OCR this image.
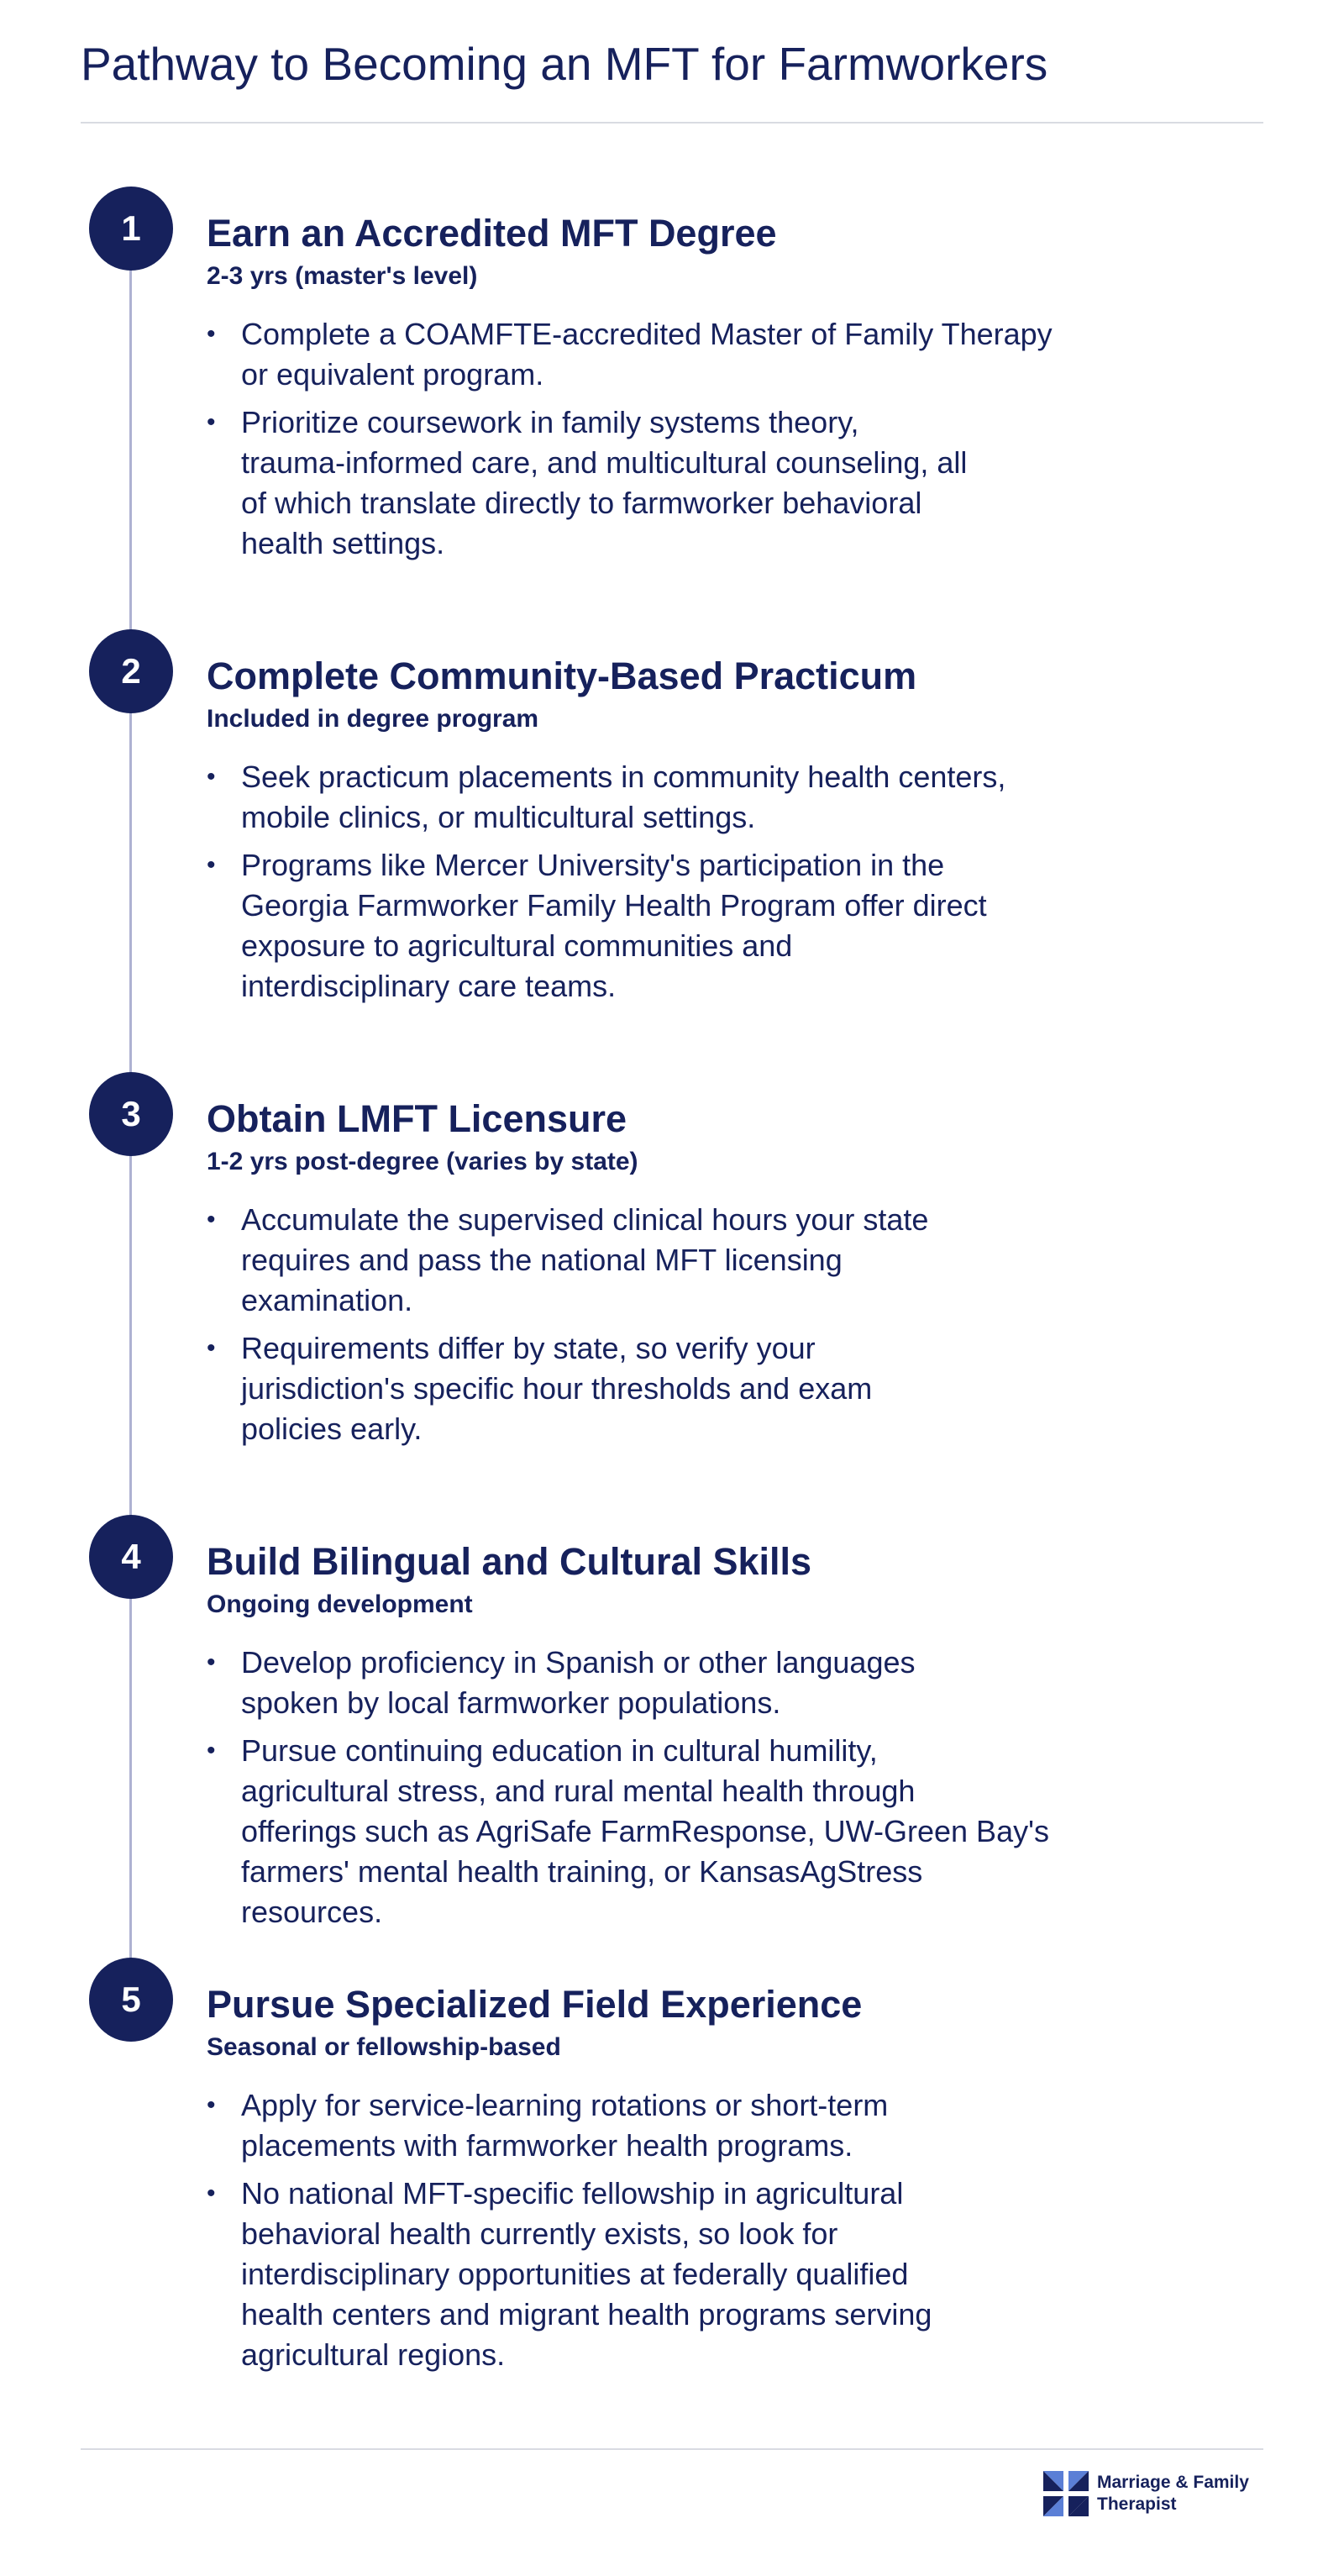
Pathway to Becoming an MFT for Farmworkers
1	Earn an Accredited MFT Degree

2-3 yrs (master's level)

• Complete a COAMFTE-accredited Master of Family Therapy
or equivalent program.
• Prioritize coursework in family systems theory,
trauma-informed care, and multicultural counseling, all
of which translate directly to farmworker behavioral
health settings.
2	Complete Community-Based Practicum

Included in degree program

• Seek practicum placements in community health centers,
mobile clinics, or multicultural settings.
• Programs like Mercer University's participation in the
Georgia Farmworker Family Health Program offer direct
exposure to agricultural communities and
interdisciplinary care teams.
3	Obtain LMFT Licensure

1-2 yrs post-degree (varies by state)

• Accumulate the supervised clinical hours your state
requires and pass the national MFT licensing
examination.
• Requirements differ by state, so verify your
jurisdiction's specific hour thresholds and exam
policies early.
4	Build Bilingual and Cultural Skills

Ongoing development

• Develop proficiency in Spanish or other languages
spoken by local farmworker populations.
• Pursue continuing education in cultural humility,
agricultural stress, and rural mental health through
offerings such as AgriSafe FarmResponse, UW-Green Bay's
farmers' mental health training, or KansasAgStress
resources.
5	Pursue Specialized Field Experience

Seasonal or fellowship-based

• Apply for service-learning rotations or short-term
placements with farmworker health programs.
• No national MFT-specific fellowship in agricultural
behavioral health currently exists, so look for
interdisciplinary opportunities at federally qualified
health centers and migrant health programs serving
agricultural regions.
Marriage & Family
Therapist
